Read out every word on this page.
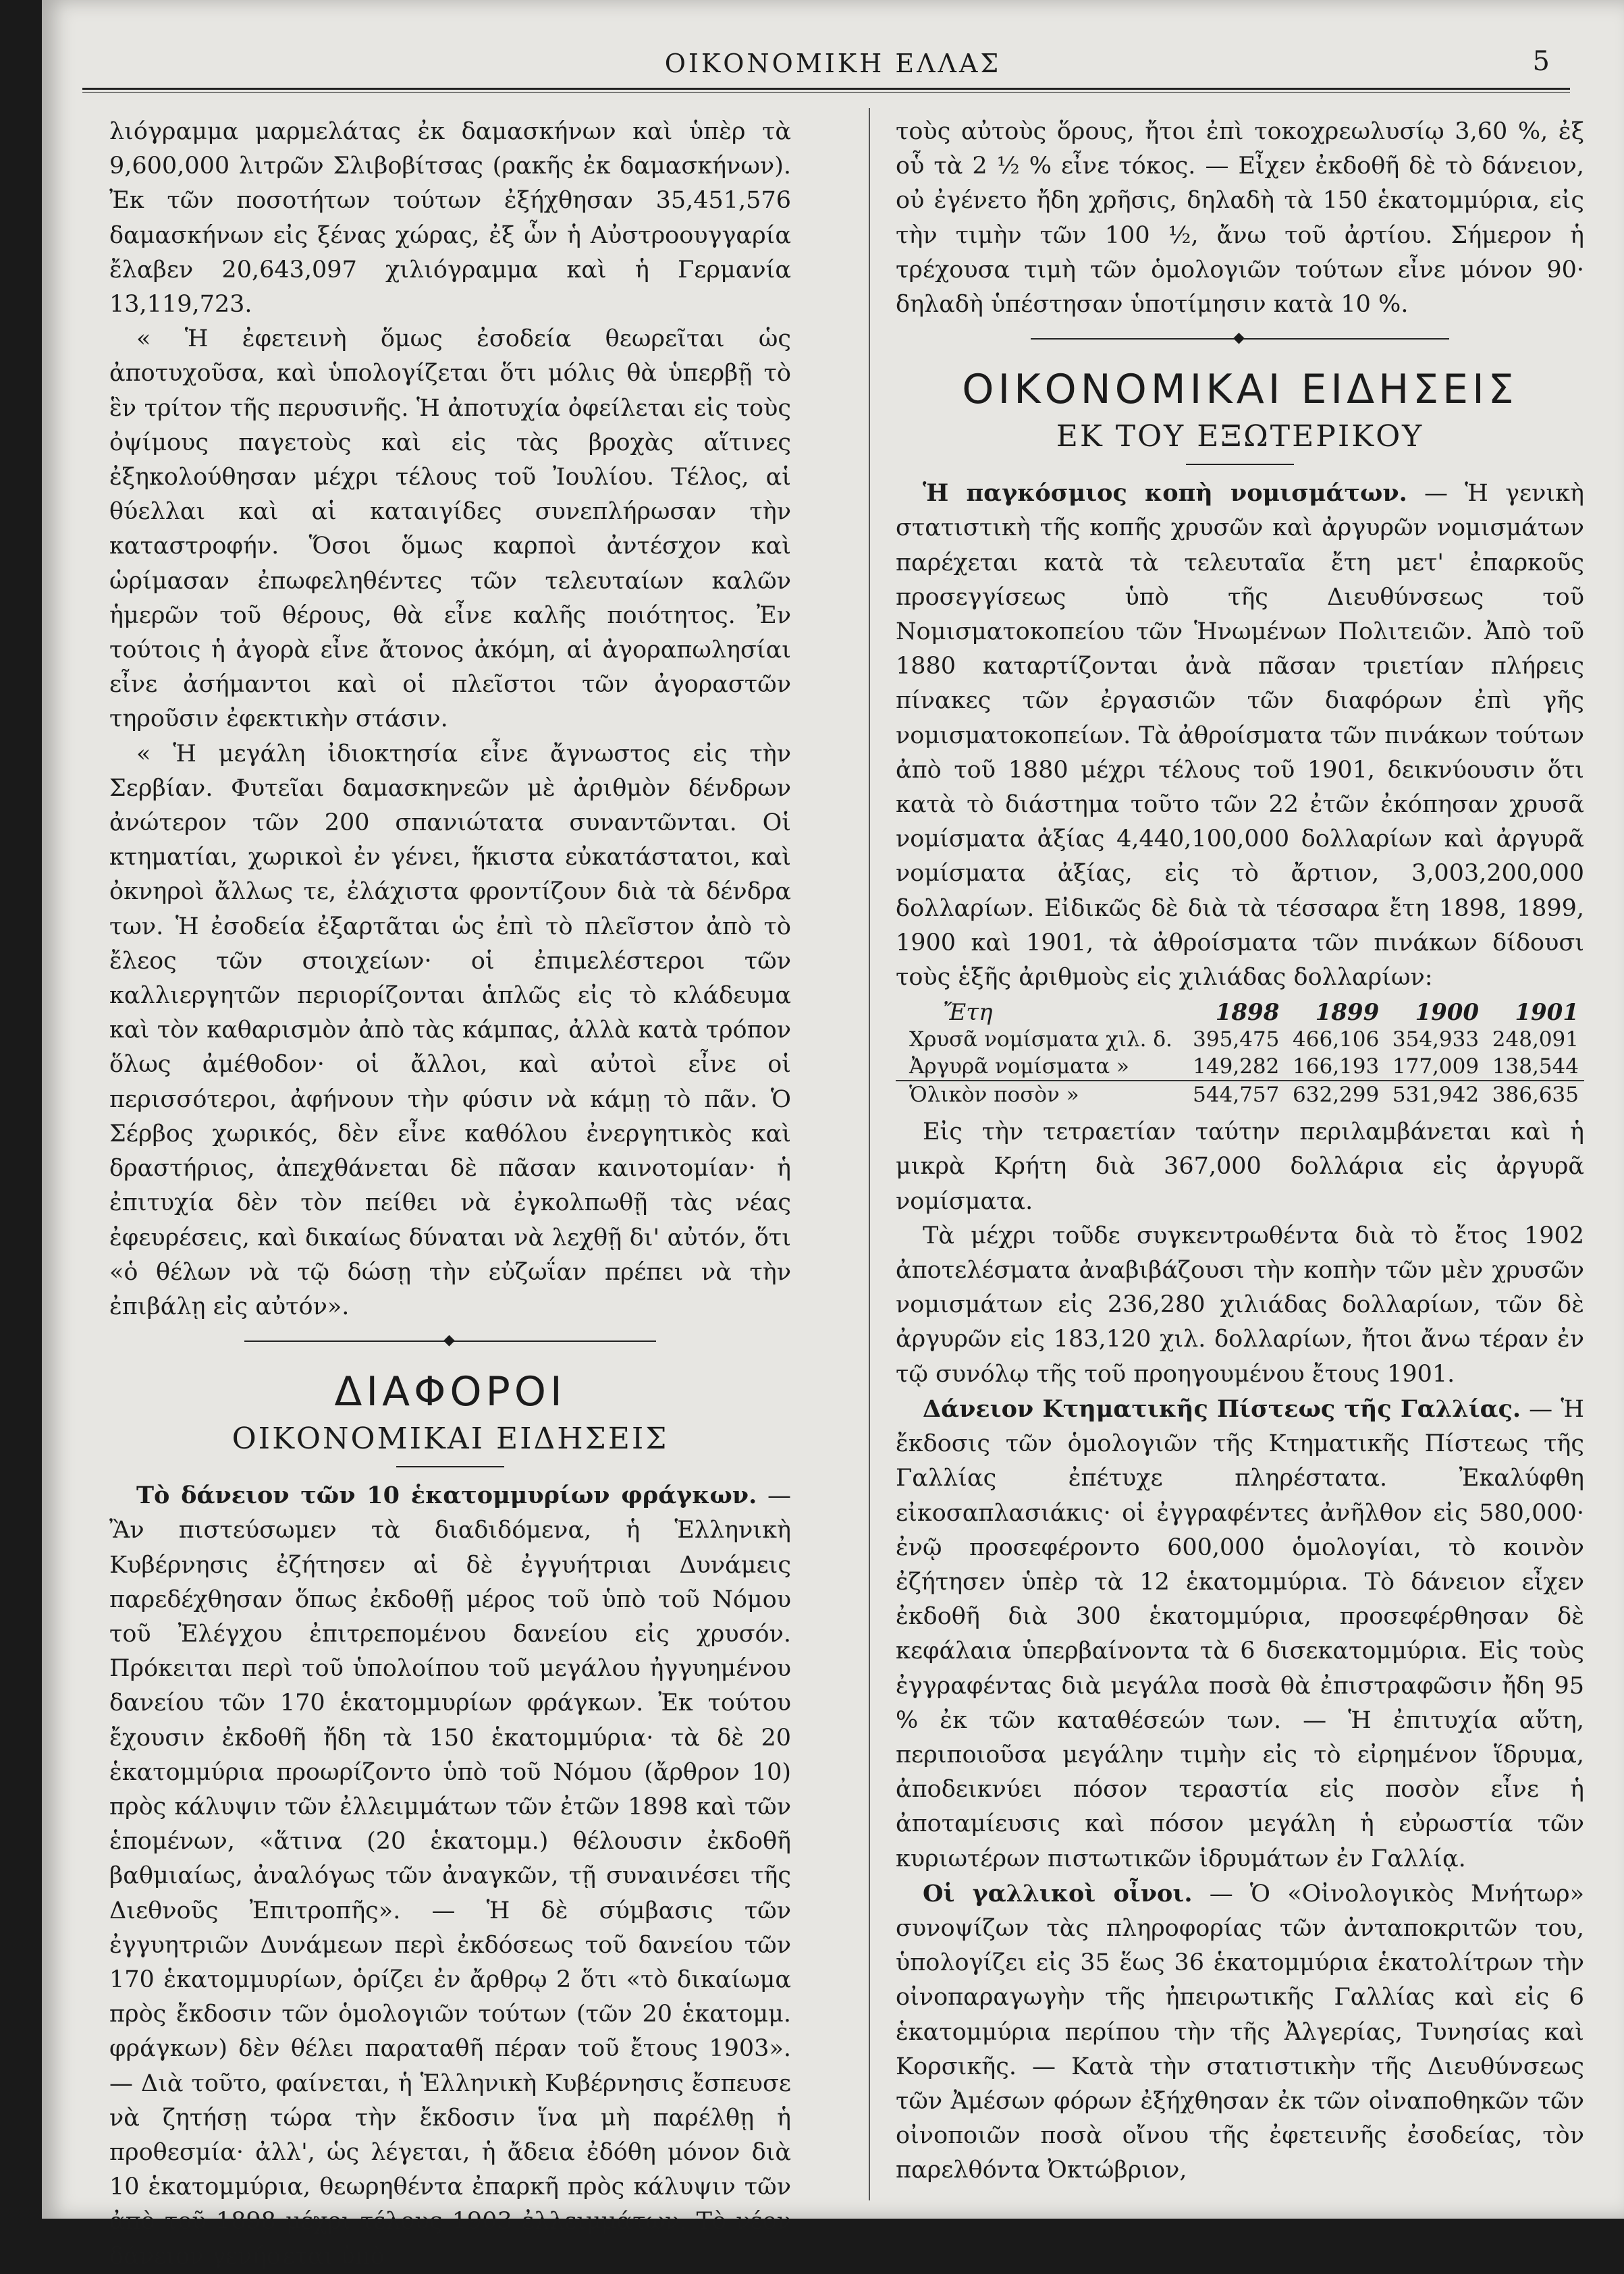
ΟΙΚΟΝΟΜΙΚΗ ΕΛΛΑΣ	5

λιόγραμμα μαρμελάτας ἐκ δαμασκήνων καὶ ὑπὲρ τὰ 9,600,000 λιτρῶν Σλιβοβίτσας (ρακῆς ἐκ δαμασκήνων). Ἐκ τῶν ποσοτήτων τούτων ἐξήχθησαν 35,451,576 δαμασκήνων εἰς ξένας χώρας, ἐξ ὧν ἡ Αὐστροουγγαρία ἔλαβεν 20,643,097 χιλιόγραμμα καὶ ἡ Γερμανία 13,119,723.

« Ἡ ἐφετεινὴ ὅμως ἐσοδεία θεωρεῖται ὡς ἀποτυχοῦσα, καὶ ὑπολογίζεται ὅτι μόλις θὰ ὑπερβῇ τὸ ἓν τρίτον τῆς περυσινῆς. Ἡ ἀποτυχία ὀφείλεται εἰς τοὺς ὀψίμους παγετοὺς καὶ εἰς τὰς βροχὰς αἵτινες ἐξηκολούθησαν μέχρι τέλους τοῦ Ἰουλίου. Τέλος, αἱ θύελλαι καὶ αἱ καταιγίδες συνεπλήρωσαν τὴν καταστροφήν. Ὅσοι ὅμως καρποὶ ἀντέσχον καὶ ὡρίμασαν ἐπωφεληθέντες τῶν τελευταίων καλῶν ἡμερῶν τοῦ θέρους, θὰ εἶνε καλῆς ποιότητος. Ἐν τούτοις ἡ ἀγορὰ εἶνε ἄτονος ἀκόμη, αἱ ἀγοραπωλησίαι εἶνε ἀσήμαντοι καὶ οἱ πλεῖστοι τῶν ἀγοραστῶν τηροῦσιν ἐφεκτικὴν στάσιν.

« Ἡ μεγάλη ἰδιοκτησία εἶνε ἄγνωστος εἰς τὴν Σερβίαν. Φυτεῖαι δαμασκηνεῶν μὲ ἀριθμὸν δένδρων ἀνώτερον τῶν 200 σπανιώτατα συναντῶνται. Οἱ κτηματίαι, χωρικοὶ ἐν γένει, ἥκιστα εὐκατάστατοι, καὶ ὀκνηροὶ ἄλλως τε, ἐλάχιστα φροντίζουν διὰ τὰ δένδρα των. Ἡ ἐσοδεία ἐξαρτᾶται ὡς ἐπὶ τὸ πλεῖστον ἀπὸ τὸ ἔλεος τῶν στοιχείων· οἱ ἐπιμελέστεροι τῶν καλλιεργητῶν περιορίζονται ἁπλῶς εἰς τὸ κλάδευμα καὶ τὸν καθαρισμὸν ἀπὸ τὰς κάμπας, ἀλλὰ κατὰ τρόπον ὅλως ἀμέθοδον· οἱ ἄλλοι, καὶ αὐτοὶ εἶνε οἱ περισσότεροι, ἀφήνουν τὴν φύσιν νὰ κάμῃ τὸ πᾶν. Ὁ Σέρβος χωρικός, δὲν εἶνε καθόλου ἐνεργητικὸς καὶ δραστήριος, ἀπεχθάνεται δὲ πᾶσαν καινοτομίαν· ἡ ἐπιτυχία δὲν τὸν πείθει νὰ ἐγκολπωθῇ τὰς νέας ἐφευρέσεις, καὶ δικαίως δύναται νὰ λεχθῇ δι' αὐτόν, ὅτι «ὁ θέλων νὰ τῷ δώσῃ τὴν εὐζωΐαν πρέπει νὰ τὴν ἐπιβάλῃ εἰς αὐτόν».

◆
ΔΙΑΦΟΡΟΙ
ΟΙΚΟΝΟΜΙΚΑΙ ΕΙΔΗΣΕΙΣ

Τὸ δάνειον τῶν 10 ἑκατομμυρίων φράγκων. — Ἂν πιστεύσωμεν τὰ διαδιδόμενα, ἡ Ἑλληνικὴ Κυβέρνησις ἐζήτησεν αἱ δὲ ἐγγυήτριαι Δυνάμεις παρεδέχθησαν ὅπως ἐκδοθῇ μέρος τοῦ ὑπὸ τοῦ Νόμου τοῦ Ἐλέγχου ἐπιτρεπομένου δανείου εἰς χρυσόν. Πρόκειται περὶ τοῦ ὑπολοίπου τοῦ μεγάλου ἠγγυημένου δανείου τῶν 170 ἑκατομμυρίων φράγκων. Ἐκ τούτου ἔχουσιν ἐκδοθῆ ἤδη τὰ 150 ἑκατομμύρια· τὰ δὲ 20 ἑκατομμύρια προωρίζοντο ὑπὸ τοῦ Νόμου (ἄρθρον 10) πρὸς κάλυψιν τῶν ἐλλειμμάτων τῶν ἐτῶν 1898 καὶ τῶν ἑπομένων, «ἅτινα (20 ἑκατομμ.) θέλουσιν ἐκδοθῆ βαθμιαίως, ἀναλόγως τῶν ἀναγκῶν, τῇ συναινέσει τῆς Διεθνοῦς Ἐπιτροπῆς». — Ἡ δὲ σύμβασις τῶν ἐγγυητριῶν Δυνάμεων περὶ ἐκδόσεως τοῦ δανείου τῶν 170 ἑκατομμυρίων, ὁρίζει ἐν ἄρθρῳ 2 ὅτι «τὸ δικαίωμα πρὸς ἔκδοσιν τῶν ὁμολογιῶν τούτων (τῶν 20 ἑκατομμ. φράγκων) δὲν θέλει παραταθῆ πέραν τοῦ ἔτους 1903». — Διὰ τοῦτο, φαίνεται, ἡ Ἑλληνικὴ Κυβέρνησις ἔσπευσε νὰ ζητήσῃ τώρα τὴν ἔκδοσιν ἵνα μὴ παρέλθῃ ἡ προθεσμία· ἀλλ', ὡς λέγεται, ἡ ἄδεια ἐδόθη μόνον διὰ 10 ἑκατομμύρια, θεωρηθέντα ἐπαρκῆ πρὸς κάλυψιν τῶν ἀπὸ τοῦ 1898 μέχρι τέλους 1903 ἐλλειμμάτων. Τὸ νέον δάνειον γενήσεται ὑπὸ

τοὺς αὐτοὺς ὅρους, ἤτοι ἐπὶ τοκοχρεωλυσίῳ 3,60 %, ἐξ οὗ τὰ 2 ½ % εἶνε τόκος. — Εἶχεν ἐκδοθῆ δὲ τὸ δάνειον, οὐ ἐγένετο ἤδη χρῆσις, δηλαδὴ τὰ 150 ἑκατομμύρια, εἰς τὴν τιμὴν τῶν 100 ½, ἄνω τοῦ ἀρτίου. Σήμερον ἡ τρέχουσα τιμὴ τῶν ὁμολογιῶν τούτων εἶνε μόνον 90· δηλαδὴ ὑπέστησαν ὑποτίμησιν κατὰ 10 %.

◆
ΟΙΚΟΝΟΜΙΚΑΙ ΕΙΔΗΣΕΙΣ
ΕΚ ΤΟΥ ΕΞΩΤΕΡΙΚΟΥ

Ἡ παγκόσμιος κοπὴ νομισμάτων. — Ἡ γενικὴ στατιστικὴ τῆς κοπῆς χρυσῶν καὶ ἀργυρῶν νομισμάτων παρέχεται κατὰ τὰ τελευταῖα ἔτη μετ' ἐπαρκοῦς προσεγγίσεως ὑπὸ τῆς Διευθύνσεως τοῦ Νομισματοκοπείου τῶν Ἡνωμένων Πολιτειῶν. Ἀπὸ τοῦ 1880 καταρτίζονται ἀνὰ πᾶσαν τριετίαν πλήρεις πίνακες τῶν ἐργασιῶν τῶν διαφόρων ἐπὶ γῆς νομισματοκοπείων. Τὰ ἀθροίσματα τῶν πινάκων τούτων ἀπὸ τοῦ 1880 μέχρι τέλους τοῦ 1901, δεικνύουσιν ὅτι κατὰ τὸ διάστημα τοῦτο τῶν 22 ἐτῶν ἐκόπησαν χρυσᾶ νομίσματα ἀξίας 4,440,100,000 δολλαρίων καὶ ἀργυρᾶ νομίσματα ἀξίας, εἰς τὸ ἄρτιον, 3,003,200,000 δολλαρίων. Εἰδικῶς δὲ διὰ τὰ τέσσαρα ἔτη 1898, 1899, 1900 καὶ 1901, τὰ ἀθροίσματα τῶν πινάκων δίδουσι τοὺς ἑξῆς ἀριθμοὺς εἰς χιλιάδας δολλαρίων:

Ἔτη	1898	1899	1900	1901
Χρυσᾶ νομίσματα χιλ. δ.	395,475	466,106	354,933	248,091
Ἀργυρᾶ νομίσματα »	149,282	166,193	177,009	138,544
Ὁλικὸν ποσὸν »	544,757	632,299	531,942	386,635

Εἰς τὴν τετραετίαν ταύτην περιλαμβάνεται καὶ ἡ μικρὰ Κρήτη διὰ 367,000 δολλάρια εἰς ἀργυρᾶ νομίσματα.

Τὰ μέχρι τοῦδε συγκεντρωθέντα διὰ τὸ ἔτος 1902 ἀποτελέσματα ἀναβιβάζουσι τὴν κοπὴν τῶν μὲν χρυσῶν νομισμάτων εἰς 236,280 χιλιάδας δολλαρίων, τῶν δὲ ἀργυρῶν εἰς 183,120 χιλ. δολλαρίων, ἤτοι ἄνω τέραν ἐν τῷ συνόλῳ τῆς τοῦ προηγουμένου ἔτους 1901.

Δάνειον Κτηματικῆς Πίστεως τῆς Γαλλίας. — Ἡ ἔκδοσις τῶν ὁμολογιῶν τῆς Κτηματικῆς Πίστεως τῆς Γαλλίας ἐπέτυχε πληρέστατα. Ἐκαλύφθη εἰκοσαπλασιάκις· οἱ ἐγγραφέντες ἀνῆλθον εἰς 580,000· ἐνῷ προσεφέροντο 600,000 ὁμολογίαι, τὸ κοινὸν ἐζήτησεν ὑπὲρ τὰ 12 ἑκατομμύρια. Τὸ δάνειον εἶχεν ἐκδοθῆ διὰ 300 ἑκατομμύρια, προσεφέρθησαν δὲ κεφάλαια ὑπερβαίνοντα τὰ 6 δισεκατομμύρια. Εἰς τοὺς ἐγγραφέντας διὰ μεγάλα ποσὰ θὰ ἐπιστραφῶσιν ἤδη 95 % ἐκ τῶν καταθέσεών των. — Ἡ ἐπιτυχία αὕτη, περιποιοῦσα μεγάλην τιμὴν εἰς τὸ εἰρημένον ἵδρυμα, ἀποδεικνύει πόσον τεραστία εἰς ποσὸν εἶνε ἡ ἀποταμίευσις καὶ πόσον μεγάλη ἡ εὐρωστία τῶν κυριωτέρων πιστωτικῶν ἱδρυμάτων ἐν Γαλλίᾳ.

Οἱ γαλλικοὶ οἶνοι. — Ὁ «Οἰνολογικὸς Μνήτωρ» συνοψίζων τὰς πληροφορίας τῶν ἀνταποκριτῶν του, ὑπολογίζει εἰς 35 ἕως 36 ἑκατομμύρια ἑκατολίτρων τὴν οἰνοπαραγωγὴν τῆς ἠπειρωτικῆς Γαλλίας καὶ εἰς 6 ἑκατομμύρια περίπου τὴν τῆς Ἀλγερίας, Τυνησίας καὶ Κορσικῆς. — Κατὰ τὴν στατιστικὴν τῆς Διευθύνσεως τῶν Ἀμέσων φόρων ἐξήχθησαν ἐκ τῶν οἰναποθηκῶν τῶν οἰνοποιῶν ποσὰ οἴνου τῆς ἐφετεινῆς ἐσοδείας, τὸν παρελθόντα Ὀκτώβριον,
